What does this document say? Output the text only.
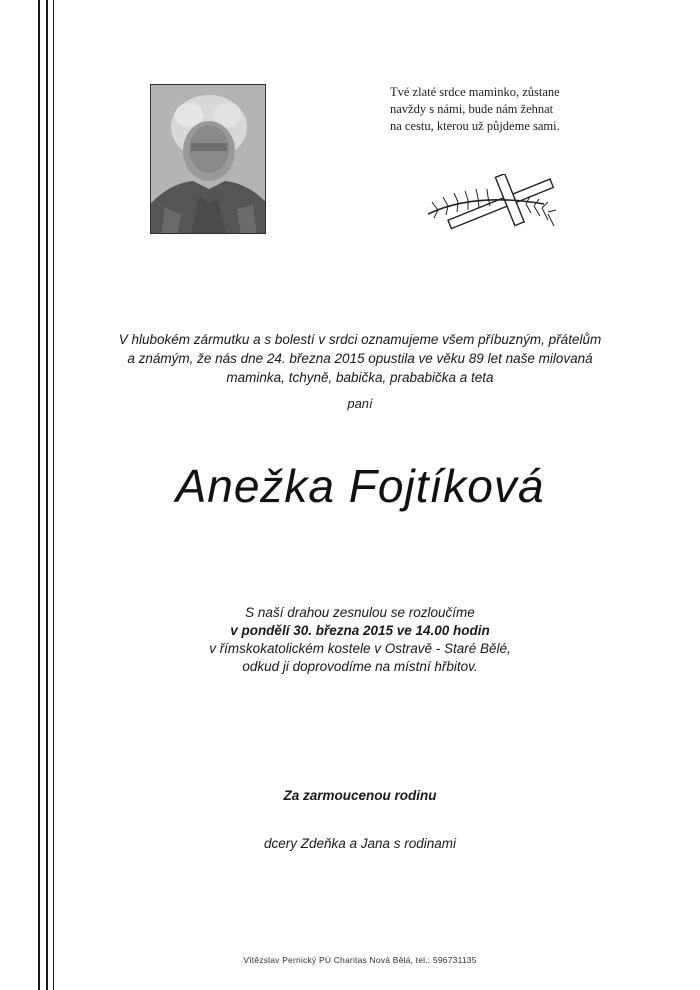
Tvé zlaté srdce maminko, zůstane
navždy s námi, bude nám žehnat
na cestu, kterou už půjdeme sami.
V hlubokém zármutku a s bolestí v srdci oznamujeme všem příbuzným, přátelům
a známým, že nás dne 24. března 2015 opustila ve věku 89 let naše milovaná
maminka, tchyně, babička, prababička a teta
paní
Anežka Fojtíková
S naší drahou zesnulou se rozloučíme
v pondělí 30. března 2015 ve 14.00 hodin
v římskokatolickém kostele v Ostravě - Staré Bělé,
odkud ji doprovodíme na místní hřbitov.
Za zarmoucenou rodinu
dcery Zdeňka a Jana s rodinami
Vítězslav Pernický PÚ Charitas Nová Bělá, tel.: 596731135
